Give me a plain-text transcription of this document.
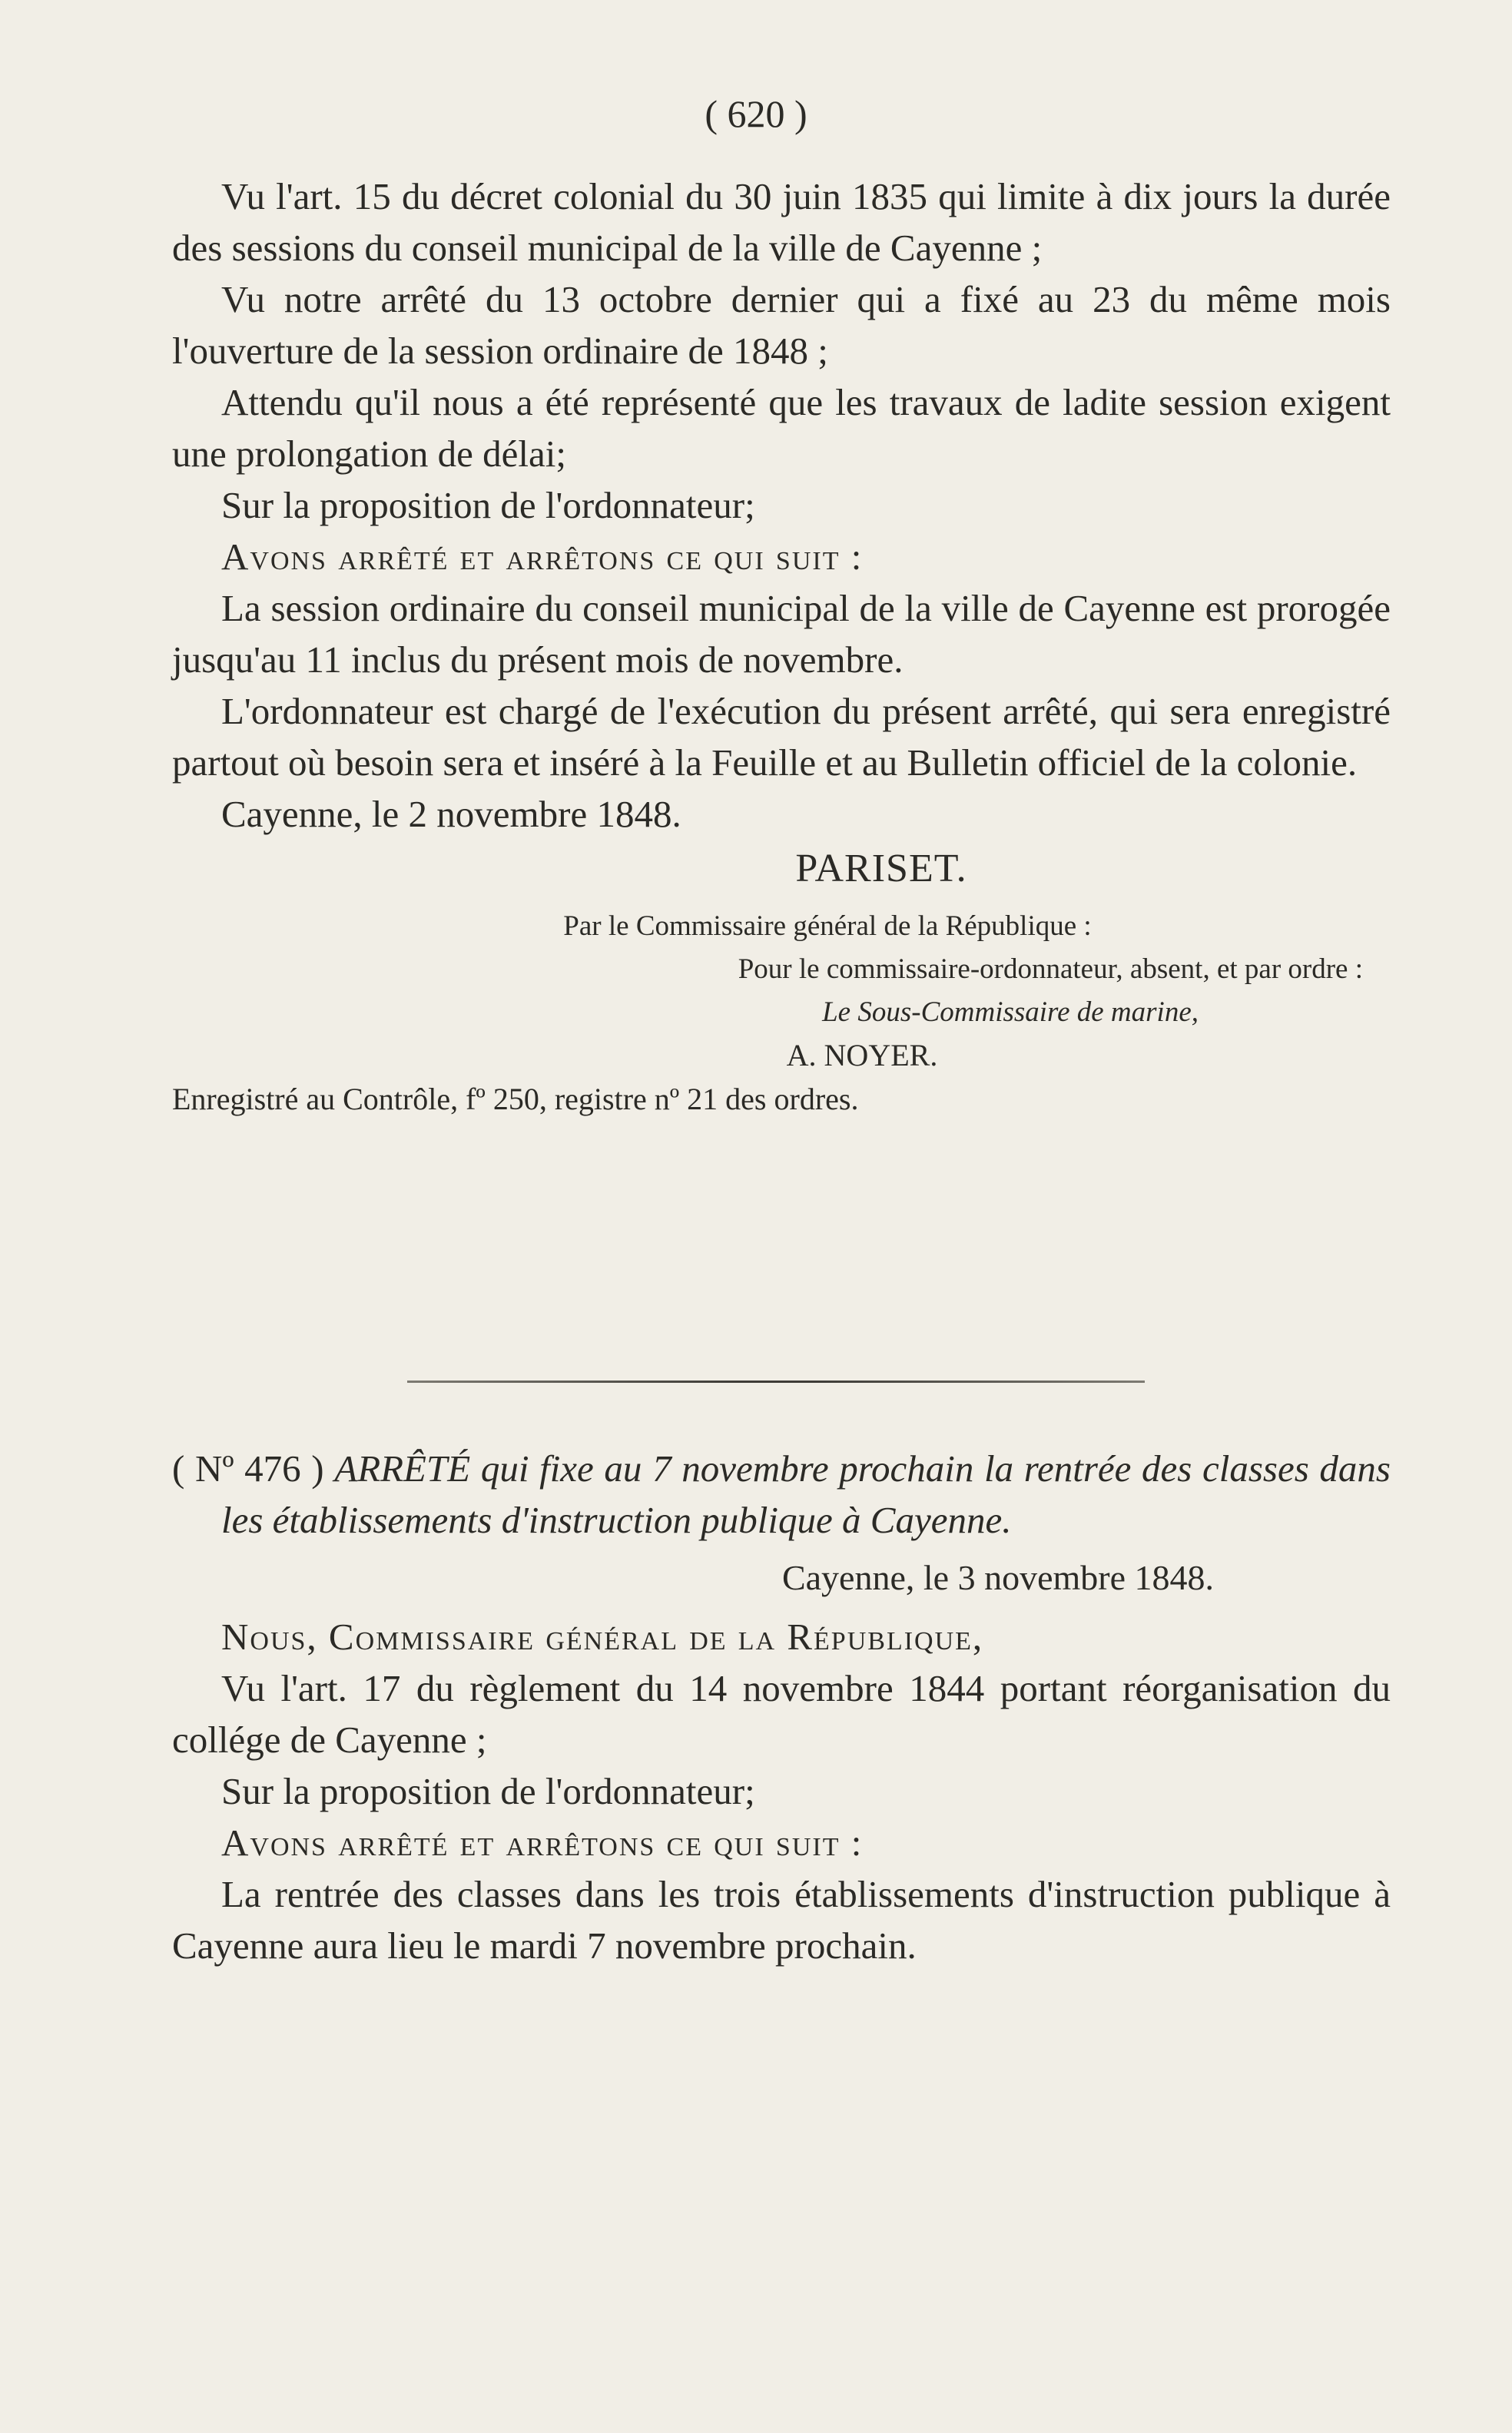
( 620 )
Vu l'art. 15 du décret colonial du 30 juin 1835 qui limite à dix jours la durée des sessions du conseil municipal de la ville de Cayenne ;
Vu notre arrêté du 13 octobre dernier qui a fixé au 23 du même mois l'ouverture de la session ordinaire de 1848 ;
Attendu qu'il nous a été représenté que les travaux de ladite session exigent une prolongation de délai;
Sur la proposition de l'ordonnateur;
Avons arrêté et arrêtons ce qui suit :
La session ordinaire du conseil municipal de la ville de Cayenne est prorogée jusqu'au 11 inclus du présent mois de novembre.
L'ordonnateur est chargé de l'exécution du présent arrêté, qui sera enregistré partout où besoin sera et inséré à la Feuille et au Bulletin officiel de la colonie.
Cayenne, le 2 novembre 1848.
PARISET.
Par le Commissaire général de la République :
Pour le commissaire-ordonnateur, absent, et par ordre :
Le Sous-Commissaire de marine,
A. NOYER.
Enregistré au Contrôle, fº 250, registre nº 21 des ordres.
( Nº 476 ) ARRÊTÉ qui fixe au 7 novembre prochain la rentrée des classes dans les établissements d'instruction publique à Cayenne.
Cayenne, le 3 novembre 1848.
Nous, Commissaire général de la République,
Vu l'art. 17 du règlement du 14 novembre 1844 portant réorganisation du collége de Cayenne ;
Sur la proposition de l'ordonnateur;
Avons arrêté et arrêtons ce qui suit :
La rentrée des classes dans les trois établissements d'instruction publique à Cayenne aura lieu le mardi 7 novembre prochain.
